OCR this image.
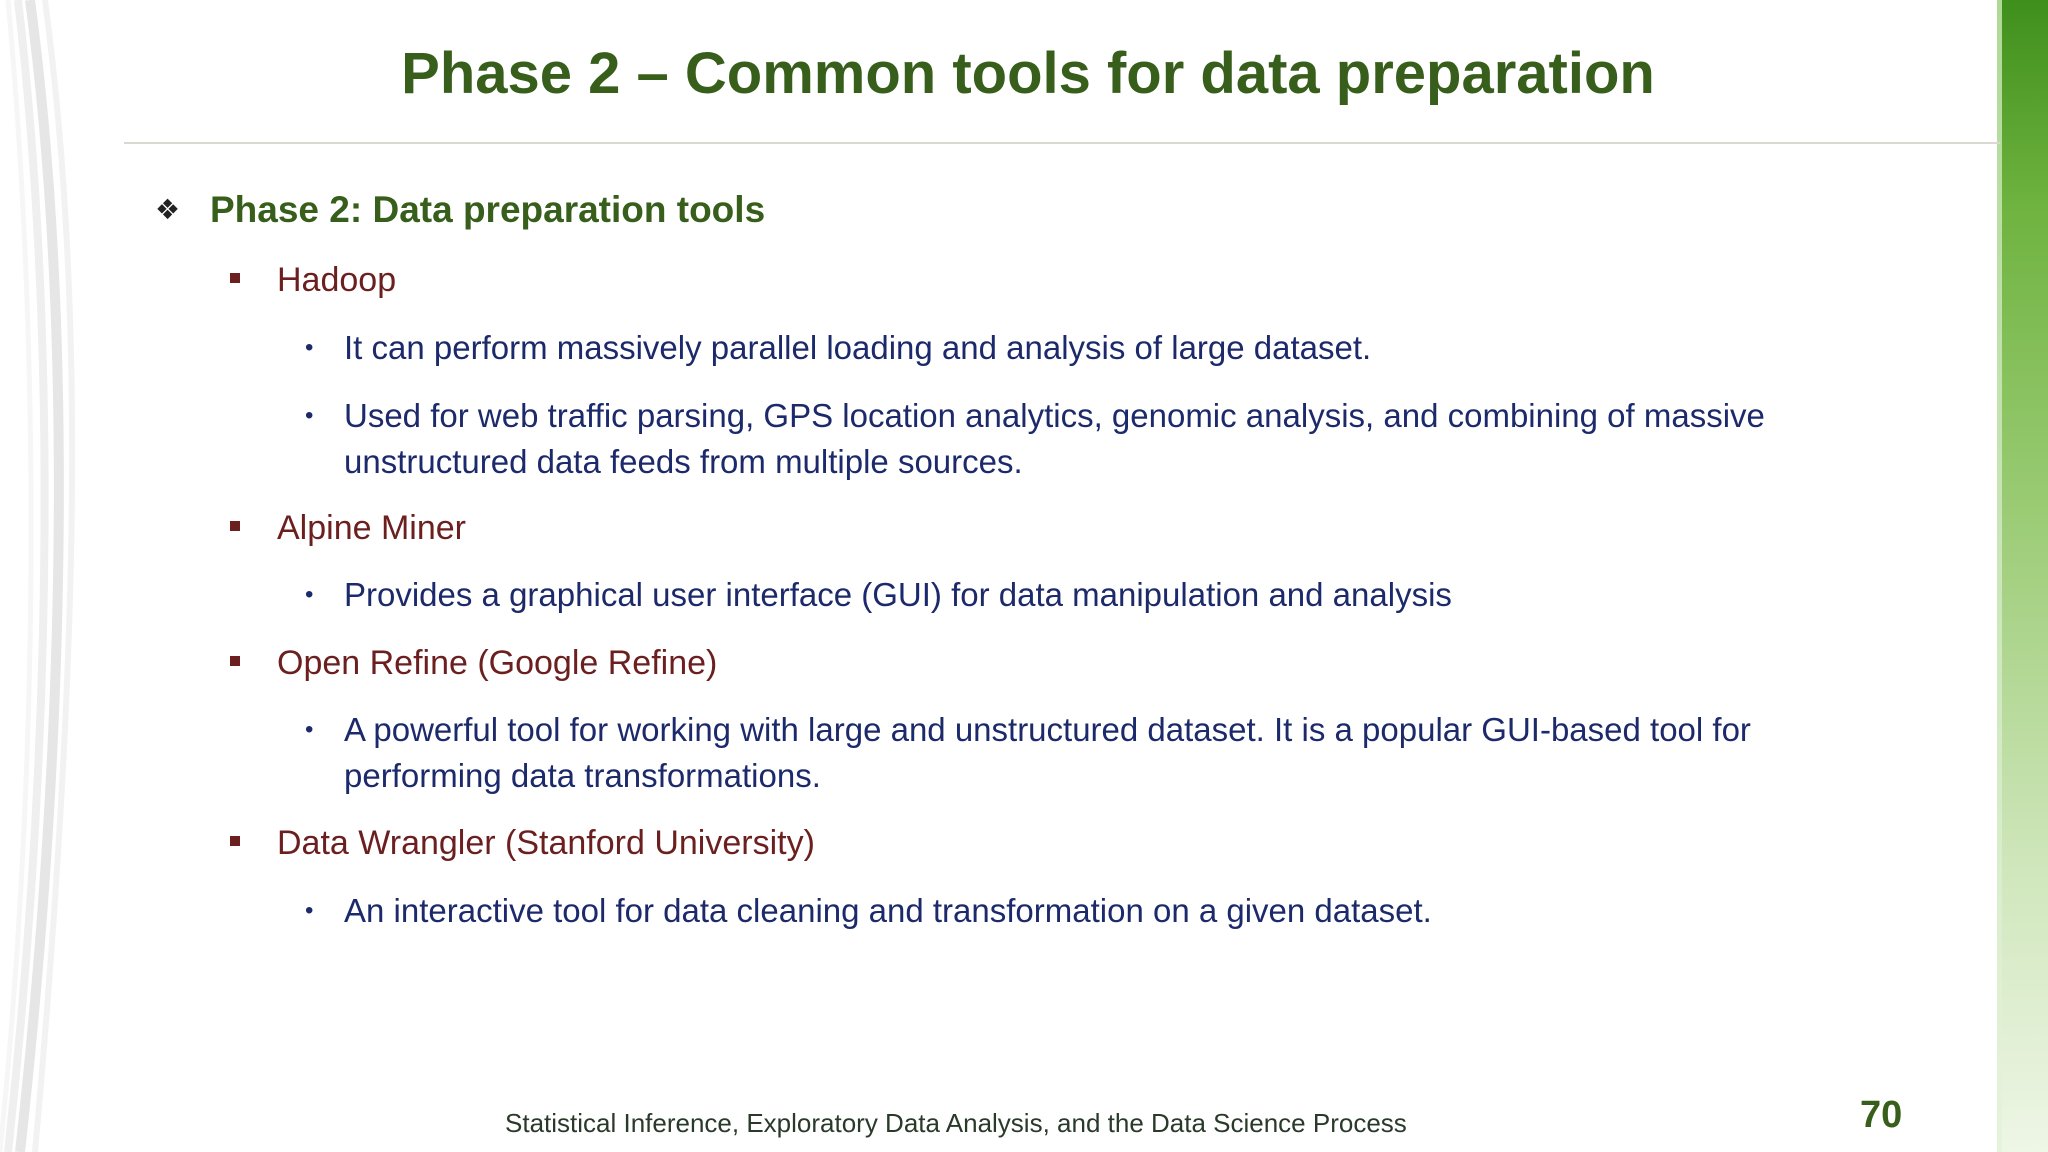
Phase 2 – Common tools for data preparation
❖ Phase 2: Data preparation tools
Hadoop
• It can perform massively parallel loading and analysis of large dataset.
• Used for web traffic parsing, GPS location analytics, genomic analysis, and combining of massive unstructured data feeds from multiple sources.
Alpine Miner
• Provides a graphical user interface (GUI) for data manipulation and analysis
Open Refine (Google Refine)
• A powerful tool for working with large and unstructured dataset. It is a popular GUI-based tool for performing data transformations.
Data Wrangler (Stanford University)
• An interactive tool for data cleaning and transformation on a given dataset.
Statistical Inference, Exploratory Data Analysis, and the Data Science Process	70
